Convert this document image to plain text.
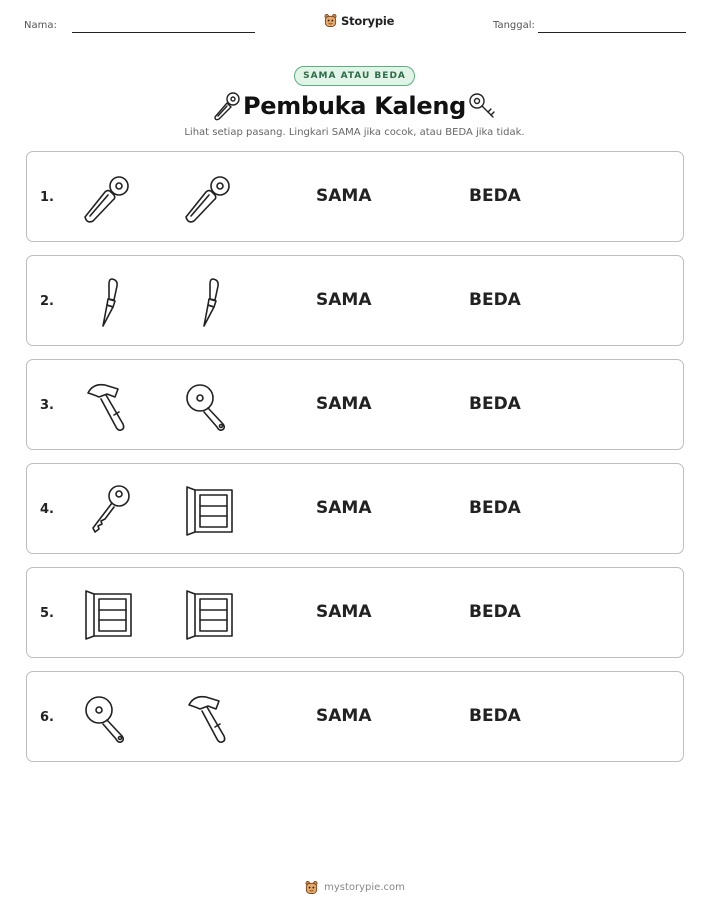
Nama:	Storypie	Tanggal:
SAMA ATAU BEDA
Pembuka Kaleng
Lihat setiap pasang. Lingkari SAMA jika cocok, atau BEDA jika tidak.
1.	SAMA	BEDA
2.	SAMA	BEDA
3.	SAMA	BEDA
4.	SAMA	BEDA
5.	SAMA	BEDA
6.	SAMA	BEDA
mystorypie.com
